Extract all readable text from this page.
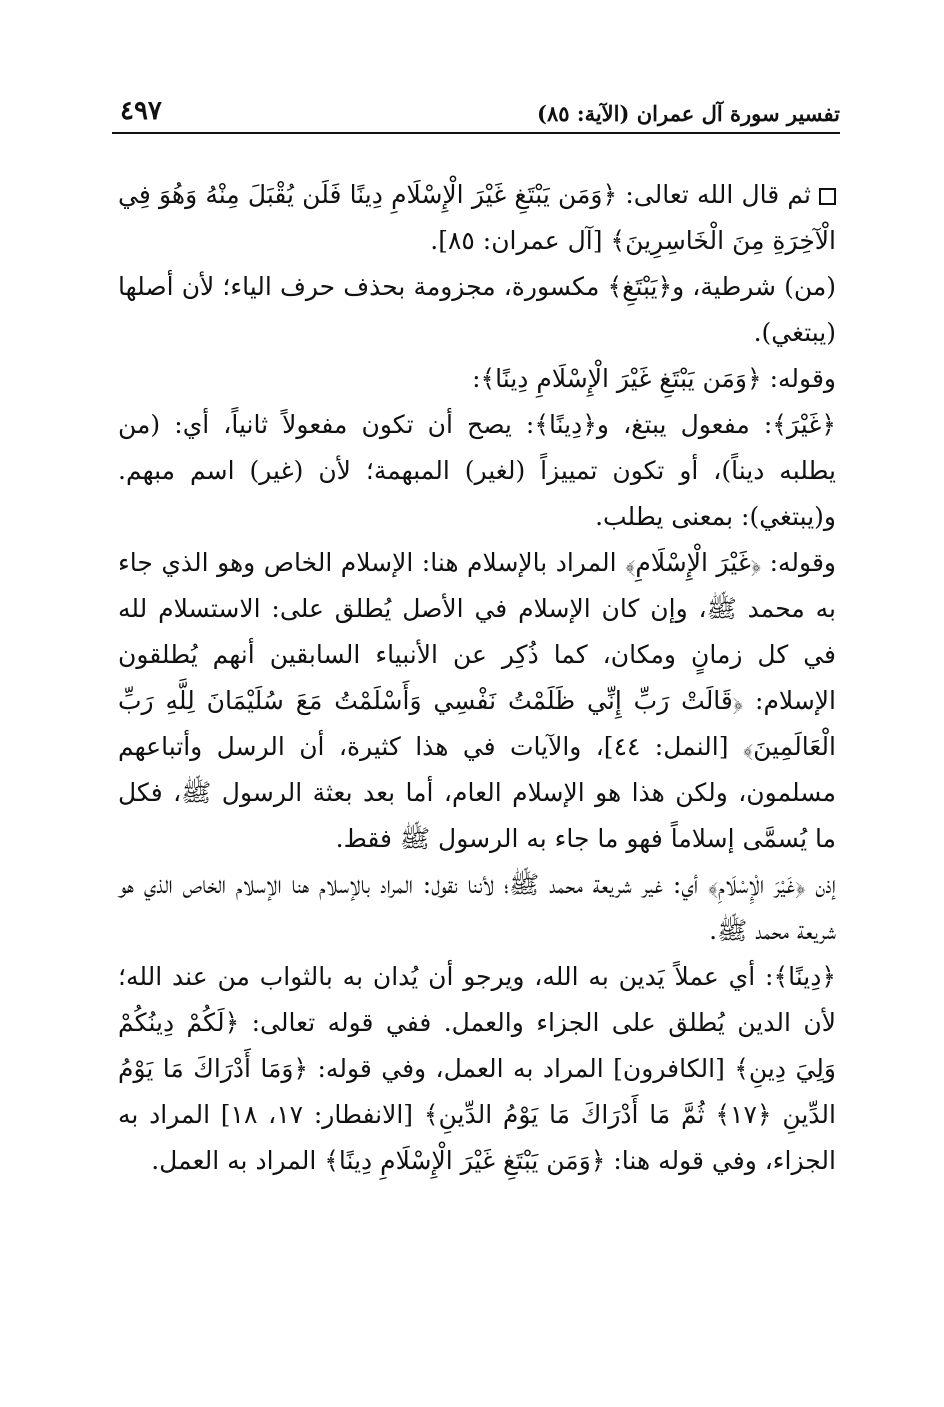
تفسير سورة آل عمران (الآية: ٨٥)
٤٩٧

ثم قال الله تعالى: ﴿وَمَن يَبْتَغِ غَيْرَ الْإِسْلَامِ دِينًا فَلَن يُقْبَلَ مِنْهُ وَهُوَ فِي الْآخِرَةِ مِنَ الْخَاسِرِينَ﴾ [آل عمران: ٨٥].

(من) شرطية، و﴿يَبْتَغِ﴾ مكسورة، مجزومة بحذف حرف الياء؛ لأن أصلها (يبتغي).

وقوله: ﴿وَمَن يَبْتَغِ غَيْرَ الْإِسْلَامِ دِينًا﴾:

﴿غَيْرَ﴾: مفعول يبتغ، و﴿دِينًا﴾: يصح أن تكون مفعولاً ثانياً، أي: (من يطلبه ديناً)، أو تكون تمييزاً (لغير) المبهمة؛ لأن (غير) اسم مبهم. و(يبتغي): بمعنى يطلب.

وقوله: ﴿غَيْرَ الْإِسْلَامِ﴾ المراد بالإسلام هنا: الإسلام الخاص وهو الذي جاء به محمد ﷺ، وإن كان الإسلام في الأصل يُطلق على: الاستسلام لله في كل زمانٍ ومكان، كما ذُكِر عن الأنبياء السابقين أنهم يُطلقون الإسلام: ﴿قَالَتْ رَبِّ إِنِّي ظَلَمْتُ نَفْسِي وَأَسْلَمْتُ مَعَ سُلَيْمَانَ لِلَّهِ رَبِّ الْعَالَمِينَ﴾ [النمل: ٤٤]، والآيات في هذا كثيرة، أن الرسل وأتباعهم مسلمون، ولكن هذا هو الإسلام العام، أما بعد بعثة الرسول ﷺ، فكل ما يُسمَّى إسلاماً فهو ما جاء به الرسول ﷺ فقط.

إذن ﴿غَيْرَ الْإِسْلَامِ﴾ أي: غير شريعة محمد ﷺ؛ لأننا نقول: المراد بالإسلام هنا الإسلام الخاص الذي هو شريعة محمد ﷺ.

﴿دِينًا﴾: أي عملاً يَدين به الله، ويرجو أن يُدان به بالثواب من عند الله؛ لأن الدين يُطلق على الجزاء والعمل. ففي قوله تعالى: ﴿لَكُمْ دِينُكُمْ وَلِيَ دِينِ﴾ [الكافرون] المراد به العمل، وفي قوله: ﴿وَمَا أَدْرَاكَ مَا يَوْمُ الدِّينِ ﴿١٧﴾ ثُمَّ مَا أَدْرَاكَ مَا يَوْمُ الدِّينِ﴾ [الانفطار: ١٧، ١٨] المراد به الجزاء، وفي قوله هنا: ﴿وَمَن يَبْتَغِ غَيْرَ الْإِسْلَامِ دِينًا﴾ المراد به العمل.
